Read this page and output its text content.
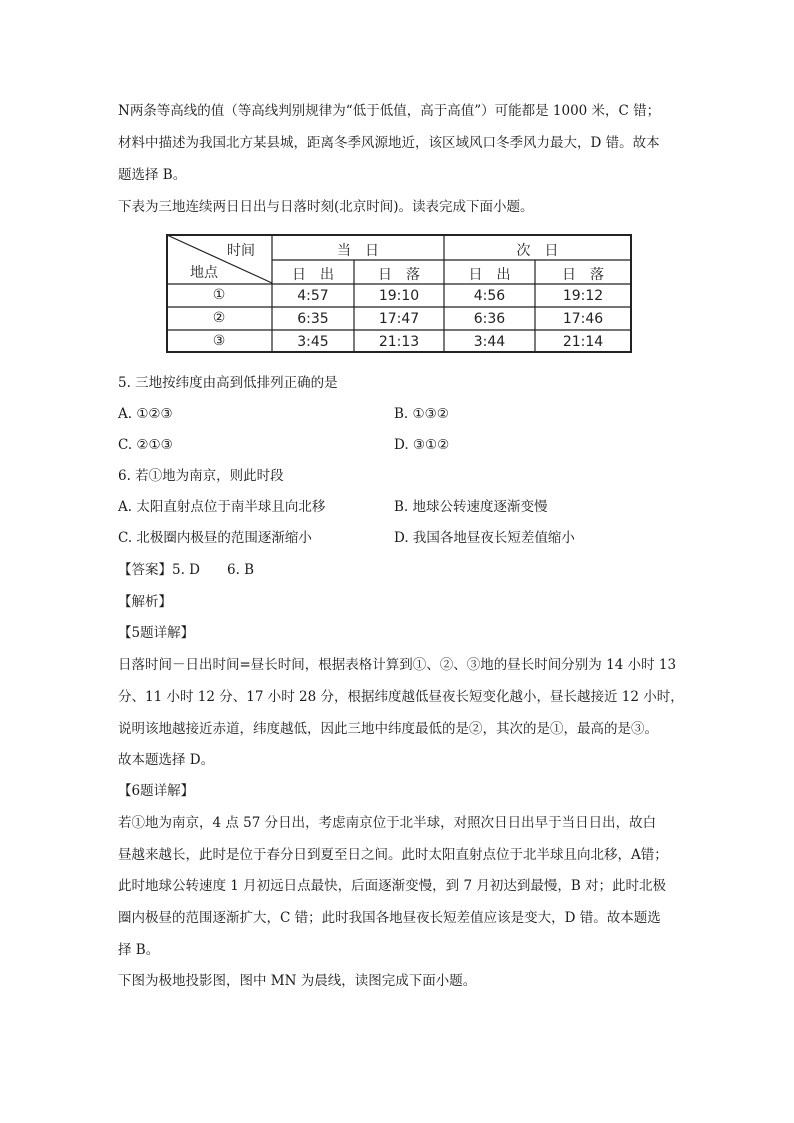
N两条等高线的值（等高线判别规律为“低于低值，高于高值”）可能都是 1000 米，C 错；
材料中描述为我国北方某县城，距离冬季风源地近，该区域风口冬季风力最大，D 错。故本
题选择 B。
下表为三地连续两日日出与日落时刻(北京时间)。读表完成下面小题。
时间
地点
当　日	次　日
日　出	日　落	日　出	日　落
①	4:57	19:10	4:56	19:12
②	6:35	17:47	6:36	17:46
③	3:45	21:13	3:44	21:14
5. 三地按纬度由高到低排列正确的是
A. ①②③	B. ①③②
C. ②①③	D. ③①②
6. 若①地为南京，则此时段
A. 太阳直射点位于南半球且向北移	B. 地球公转速度逐渐变慢
C. 北极圈内极昼的范围逐渐缩小	D. 我国各地昼夜长短差值缩小
【答案】5. D　　6. B
【解析】
【5题详解】
日落时间－日出时间=昼长时间，根据表格计算到①、②、③地的昼长时间分别为 14 小时 13
分、11 小时 12 分、17 小时 28 分，根据纬度越低昼夜长短变化越小，昼长越接近 12 小时，
说明该地越接近赤道，纬度越低，因此三地中纬度最低的是②，其次的是①，最高的是③。
故本题选择 D。
【6题详解】
若①地为南京，4 点 57 分日出，考虑南京位于北半球，对照次日日出早于当日日出，故白
昼越来越长，此时是位于春分日到夏至日之间。此时太阳直射点位于北半球且向北移，A错；
此时地球公转速度 1 月初远日点最快，后面逐渐变慢，到 7 月初达到最慢，B 对；此时北极
圈内极昼的范围逐渐扩大，C 错；此时我国各地昼夜长短差值应该是变大，D 错。故本题选
择 B。
下图为极地投影图，图中 MN 为晨线，读图完成下面小题。
